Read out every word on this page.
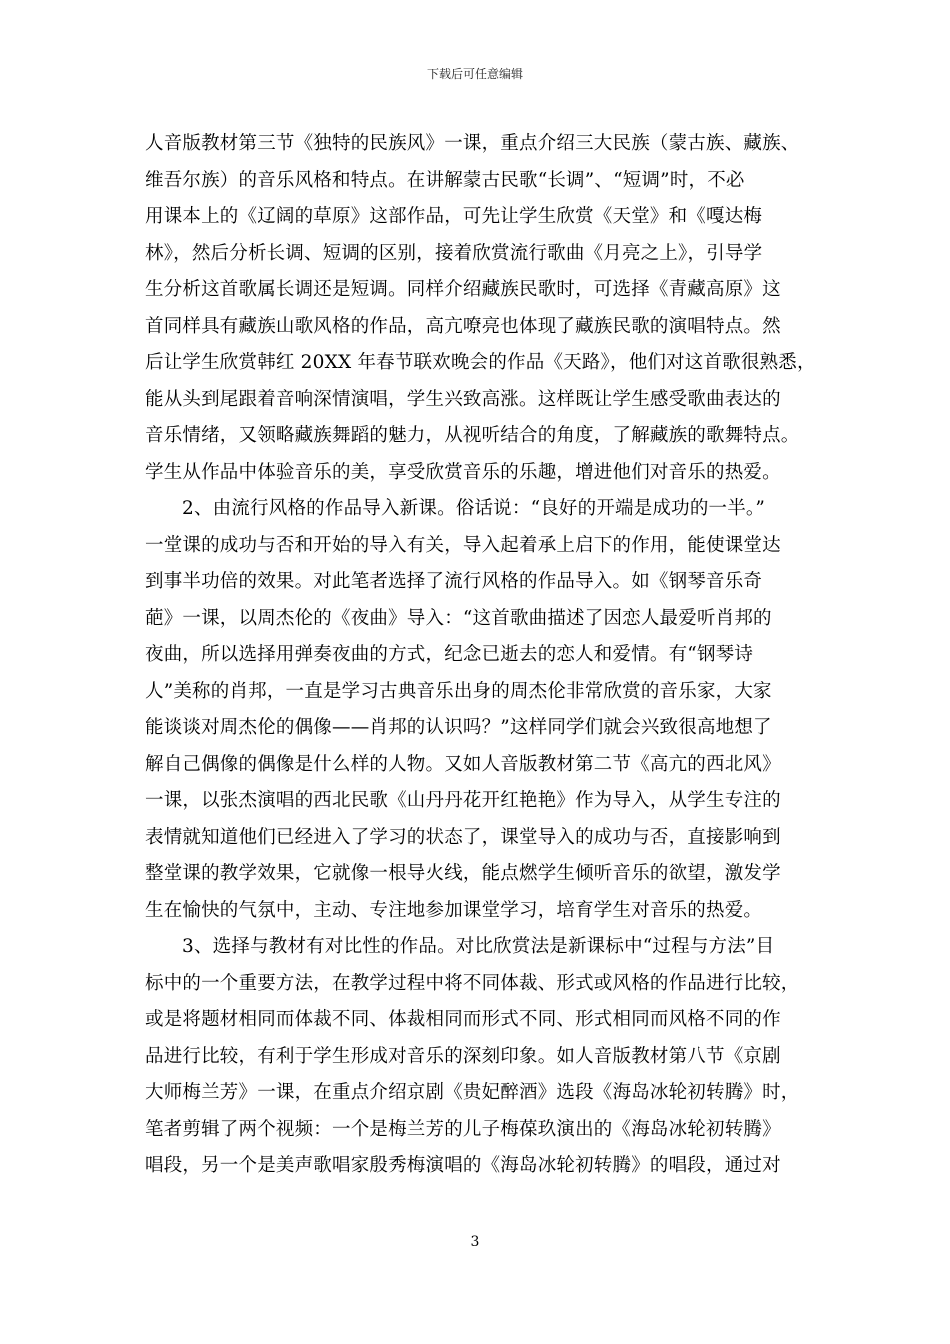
下载后可任意编辑
人音版教材第三节《独特的民族风》一课，重点介绍三大民族（蒙古族、藏族、
维吾尔族）的音乐风格和特点。在讲解蒙古民歌“长调”、“短调”时，不必
用课本上的《辽阔的草原》这部作品，可先让学生欣赏《天堂》和《嘎达梅
林》，然后分析长调、短调的区别，接着欣赏流行歌曲《月亮之上》，引导学
生分析这首歌属长调还是短调。同样介绍藏族民歌时，可选择《青藏高原》这
首同样具有藏族山歌风格的作品，高亢嘹亮也体现了藏族民歌的演唱特点。然
后让学生欣赏韩红 20XX 年春节联欢晚会的作品《天路》，他们对这首歌很熟悉，
能从头到尾跟着音响深情演唱，学生兴致高涨。这样既让学生感受歌曲表达的
音乐情绪，又领略藏族舞蹈的魅力，从视听结合的角度，了解藏族的歌舞特点。
学生从作品中体验音乐的美，享受欣赏音乐的乐趣，增进他们对音乐的热爱。
2、由流行风格的作品导入新课。俗话说：“良好的开端是成功的一半。”
一堂课的成功与否和开始的导入有关，导入起着承上启下的作用，能使课堂达
到事半功倍的效果。对此笔者选择了流行风格的作品导入。如《钢琴音乐奇
葩》一课，以周杰伦的《夜曲》导入：“这首歌曲描述了因恋人最爱听肖邦的
夜曲，所以选择用弹奏夜曲的方式，纪念已逝去的恋人和爱情。有“钢琴诗
人”美称的肖邦，一直是学习古典音乐出身的周杰伦非常欣赏的音乐家，大家
能谈谈对周杰伦的偶像——肖邦的认识吗？”这样同学们就会兴致很高地想了
解自己偶像的偶像是什么样的人物。又如人音版教材第二节《高亢的西北风》
一课，以张杰演唱的西北民歌《山丹丹花开红艳艳》作为导入，从学生专注的
表情就知道他们已经进入了学习的状态了，课堂导入的成功与否，直接影响到
整堂课的教学效果，它就像一根导火线，能点燃学生倾听音乐的欲望，激发学
生在愉快的气氛中，主动、专注地参加课堂学习，培育学生对音乐的热爱。
3、选择与教材有对比性的作品。对比欣赏法是新课标中“过程与方法”目
标中的一个重要方法，在教学过程中将不同体裁、形式或风格的作品进行比较，
或是将题材相同而体裁不同、体裁相同而形式不同、形式相同而风格不同的作
品进行比较，有利于学生形成对音乐的深刻印象。如人音版教材第八节《京剧
大师梅兰芳》一课，在重点介绍京剧《贵妃醉酒》选段《海岛冰轮初转腾》时，
笔者剪辑了两个视频：一个是梅兰芳的儿子梅葆玖演出的《海岛冰轮初转腾》
唱段，另一个是美声歌唱家殷秀梅演唱的《海岛冰轮初转腾》的唱段，通过对
3
